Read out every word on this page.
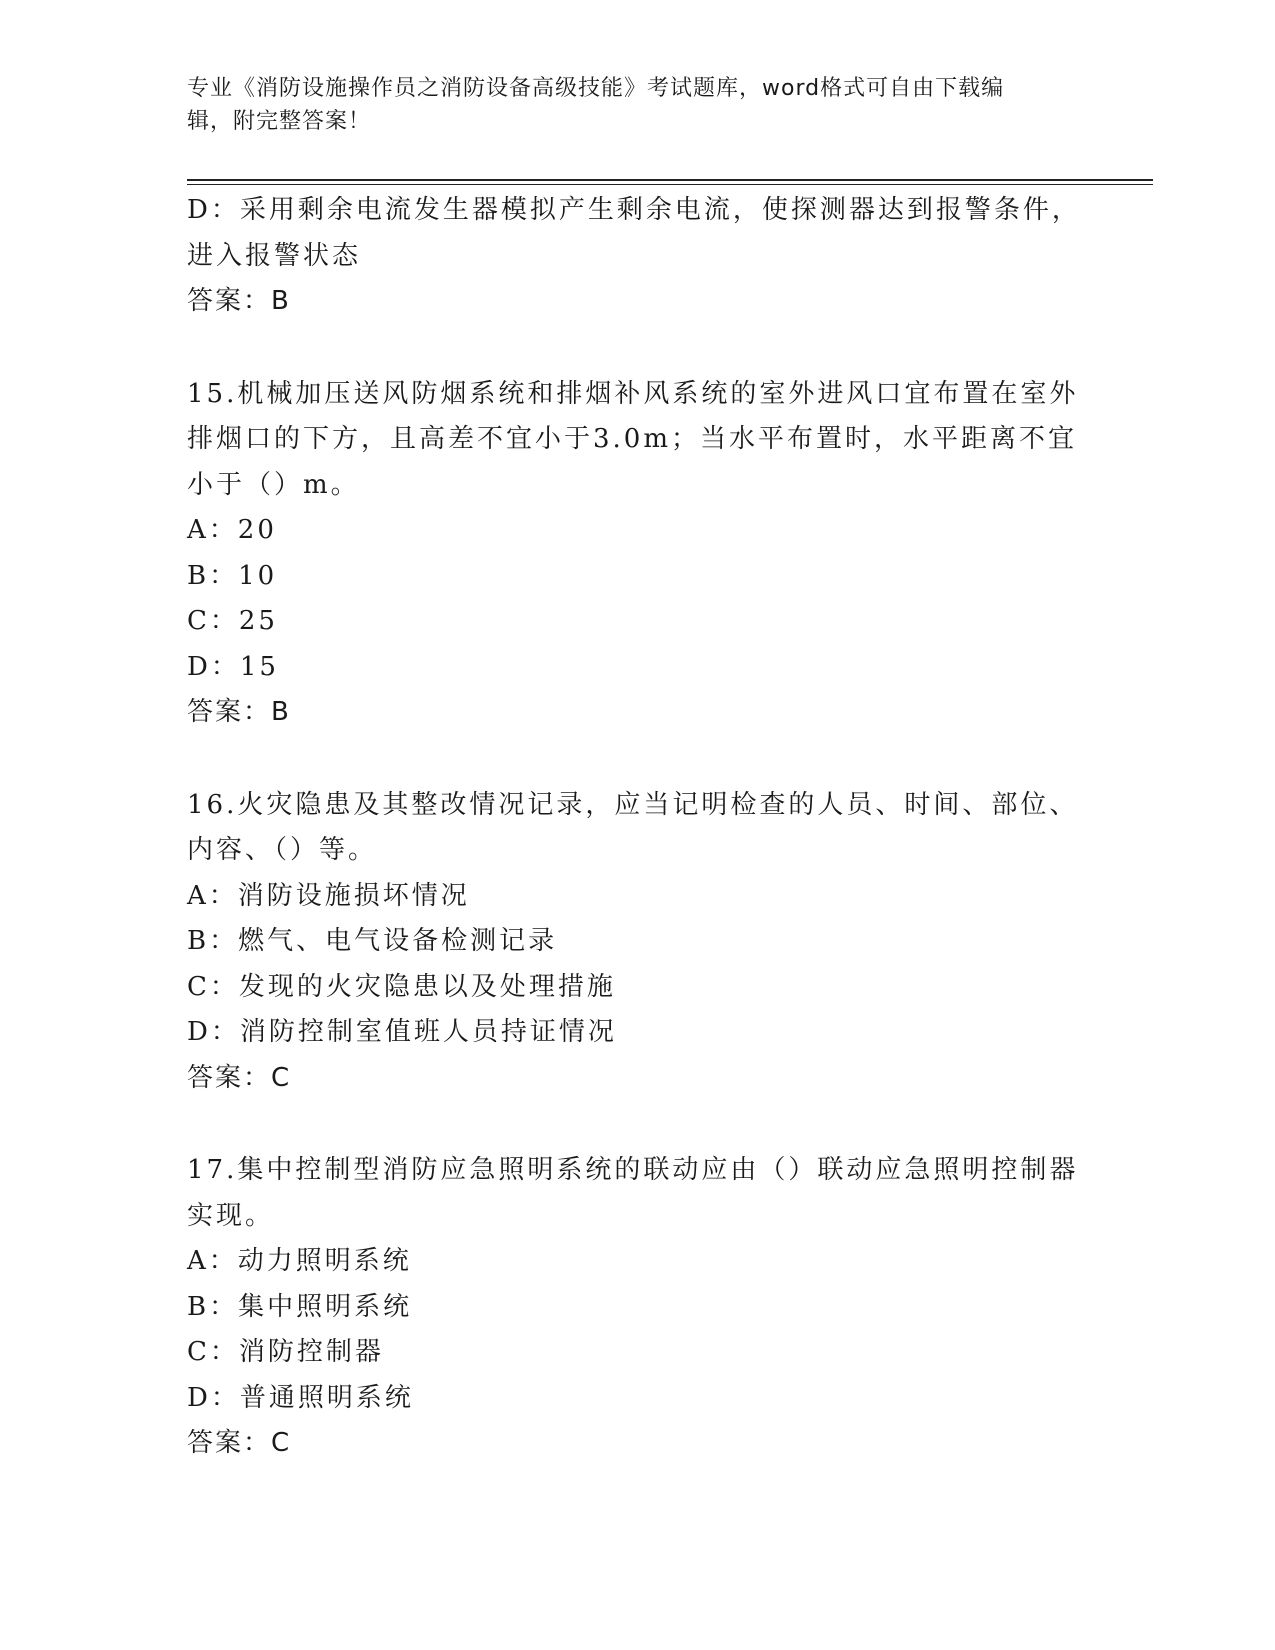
专业《消防设施操作员之消防设备高级技能》考试题库，word格式可自由下载编
辑，附完整答案！
D：采用剩余电流发生器模拟产生剩余电流，使探测器达到报警条件，
进入报警状态
答案：B
15.机械加压送风防烟系统和排烟补风系统的室外进风口宜布置在室外
排烟口的下方，且高差不宜小于3.0m；当水平布置时，水平距离不宜
小于（）m。
A：20
B：10
C：25
D：15
答案：B
16.火灾隐患及其整改情况记录，应当记明检查的人员、时间、部位、
内容、（）等。
A：消防设施损坏情况
B：燃气、电气设备检测记录
C：发现的火灾隐患以及处理措施
D：消防控制室值班人员持证情况
答案：C
17.集中控制型消防应急照明系统的联动应由（）联动应急照明控制器
实现。
A：动力照明系统
B：集中照明系统
C：消防控制器
D：普通照明系统
答案：C
